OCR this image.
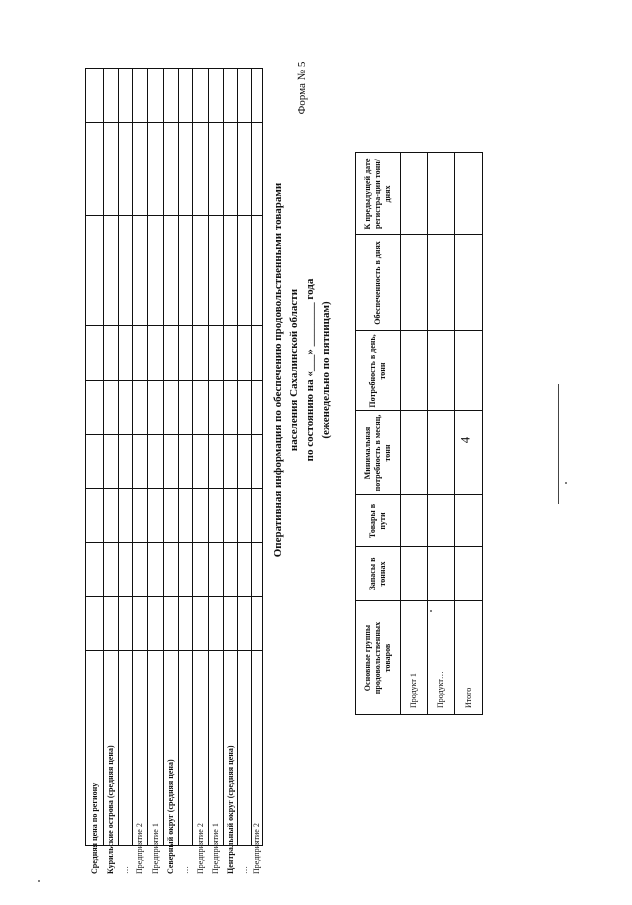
4
Форма № 5
Средняя цена по региону Курильские острова (средняя цена) … Предприятие 2 Предприятие 1 Северный округ (средняя цена) … Предприятие 2 Предприятие 1 Центральный округ (средняя цена) … Предприятие 2
Оперативная информация по обеспечению продовольственными товарами населения Сахалинской области по состоянию на «___» ________ года (еженедельно по пятницам)
К предыдущей дате регистра-ции тонн/днях
Обеспеченность в днях
Потребность в день, тонн
Минимальная потребность в месяц, тонн
Товары в пути
Запасы в тоннах
Основные группы продовольственных товаров
Продукт 1 Продукт… Итого
